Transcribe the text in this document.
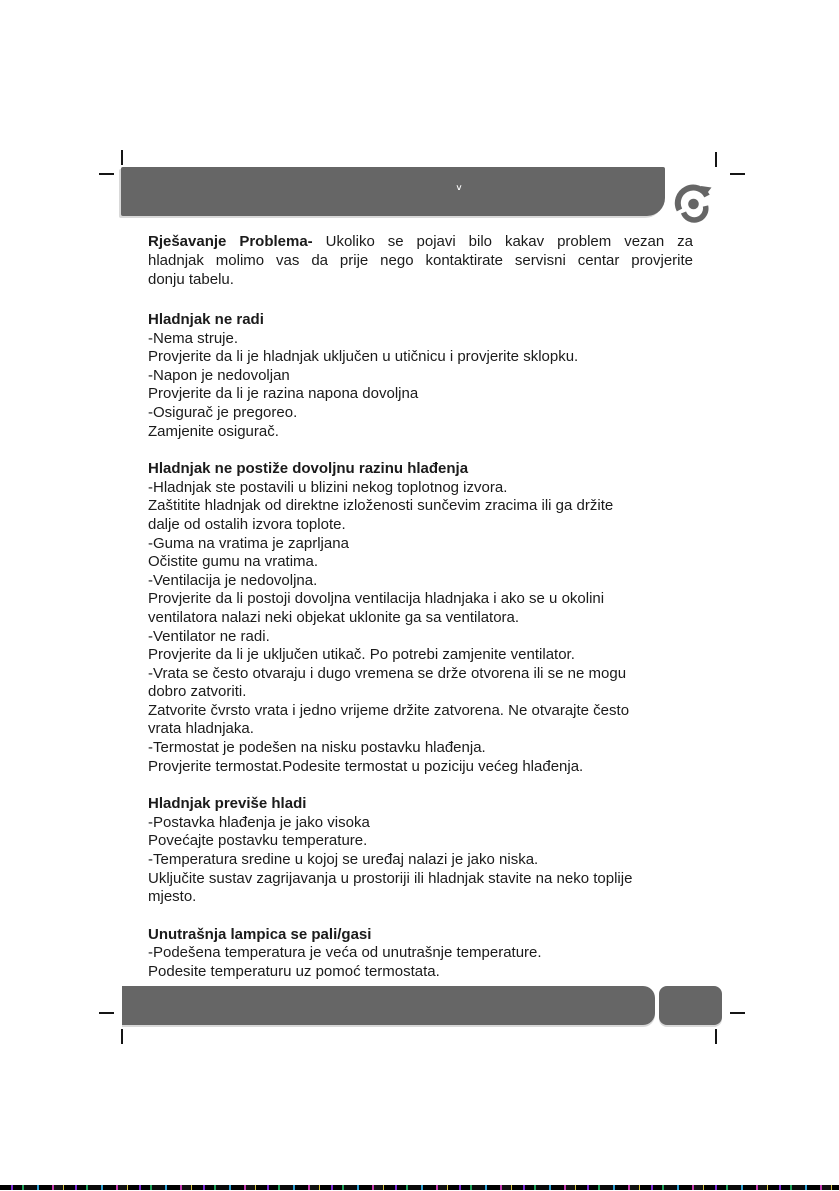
˅
Rješavanje Problema- Ukoliko se pojavi bilo kakav problem vezan za
hladnjak molimo vas da prije nego kontaktirate servisni centar provjerite
donju tabelu.
Hladnjak ne radi
-Nema struje.
Provjerite da li je hladnjak uključen u utičnicu i provjerite sklopku.
-Napon je nedovoljan
Provjerite da li je razina napona dovoljna
-Osigurač je pregoreo.
Zamjenite osigurač.
Hladnjak ne postiže dovoljnu razinu hlađenja
-Hladnjak ste postavili u blizini nekog toplotnog izvora.
Zaštitite hladnjak od direktne izloženosti sunčevim zracima ili ga držite
dalje od ostalih izvora toplote.
-Guma na vratima je zaprljana
Očistite gumu na vratima.
-Ventilacija je nedovoljna.
Provjerite da li postoji dovoljna ventilacija hladnjaka i ako se u okolini
ventilatora nalazi neki objekat uklonite ga sa ventilatora.
-Ventilator ne radi.
Provjerite da li je uključen utikač. Po potrebi zamjenite ventilator.
-Vrata se često otvaraju i dugo vremena se drže otvorena ili se ne mogu
dobro zatvoriti.
Zatvorite čvrsto vrata i jedno vrijeme držite zatvorena. Ne otvarajte često
vrata hladnjaka.
-Termostat je podešen na nisku postavku hlađenja.
Provjerite termostat.Podesite termostat u poziciju većeg hlađenja.
Hladnjak previše hladi
-Postavka hlađenja je jako visoka
Povećajte postavku temperature.
-Temperatura sredine u kojoj se uređaj nalazi je jako niska.
Uključite sustav zagrijavanja u prostoriji ili hladnjak stavite na neko toplije
mjesto.
Unutrašnja lampica se pali/gasi
-Podešena temperatura je veća od unutrašnje temperature.
Podesite temperaturu uz pomoć termostata.
